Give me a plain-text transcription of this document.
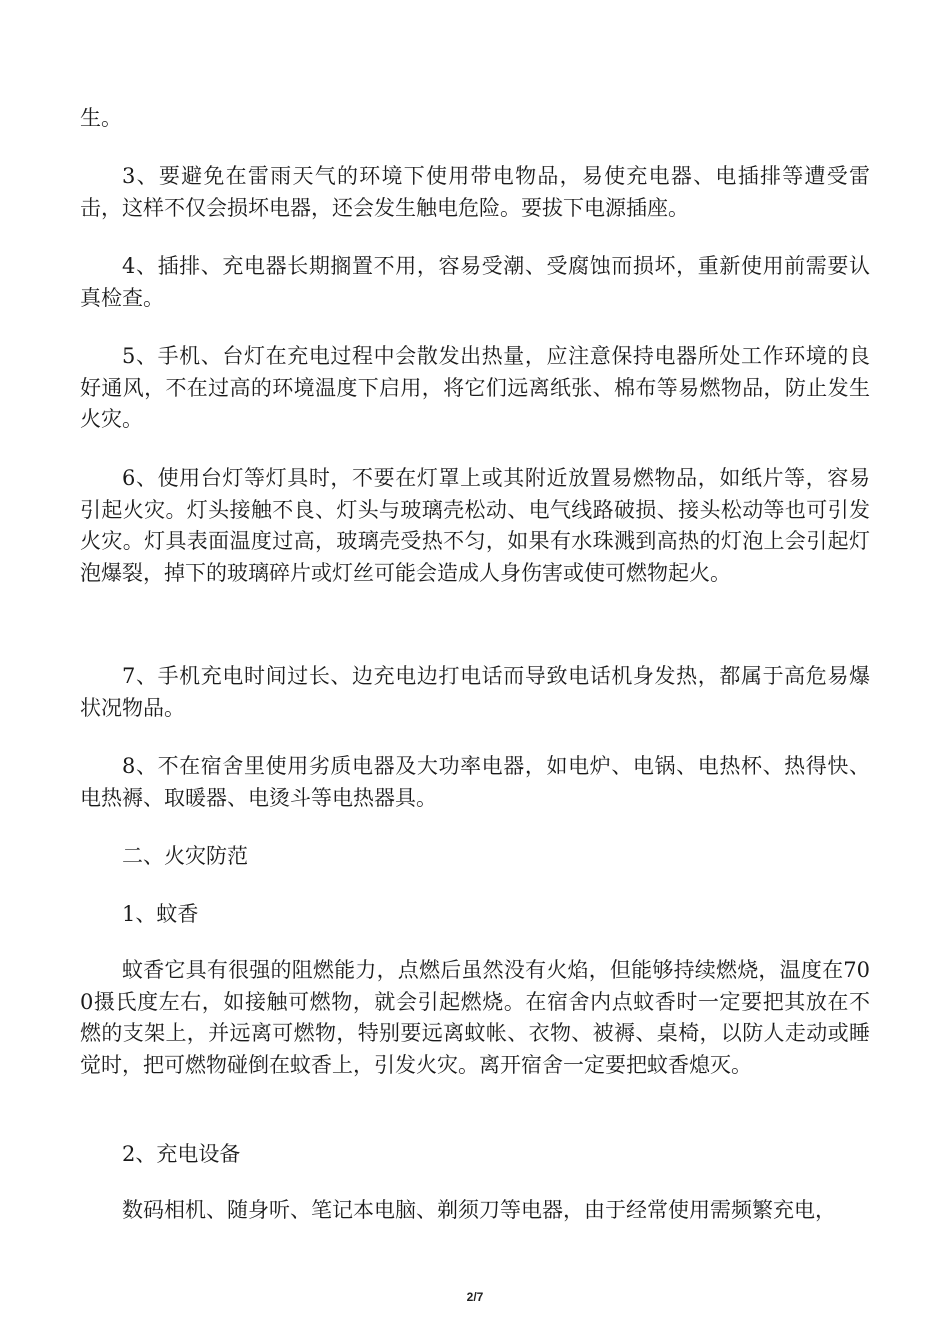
生。

3、要避免在雷雨天气的环境下使用带电物品，易使充电器、电插排等遭受雷击，这样不仅会损坏电器，还会发生触电危险。要拔下电源插座。

4、插排、充电器长期搁置不用，容易受潮、受腐蚀而损坏，重新使用前需要认真检查。

5、手机、台灯在充电过程中会散发出热量，应注意保持电器所处工作环境的良好通风，不在过高的环境温度下启用，将它们远离纸张、棉布等易燃物品，防止发生火灾。

6、使用台灯等灯具时，不要在灯罩上或其附近放置易燃物品，如纸片等，容易引起火灾。灯头接触不良、灯头与玻璃壳松动、电气线路破损、接头松动等也可引发火灾。灯具表面温度过高，玻璃壳受热不匀，如果有水珠溅到高热的灯泡上会引起灯泡爆裂，掉下的玻璃碎片或灯丝可能会造成人身伤害或使可燃物起火。

7、手机充电时间过长、边充电边打电话而导致电话机身发热，都属于高危易爆状况物品。

8、不在宿舍里使用劣质电器及大功率电器，如电炉、电锅、电热杯、热得快、电热褥、取暖器、电烫斗等电热器具。

二、火灾防范

1、蚊香

蚊香它具有很强的阻燃能力，点燃后虽然没有火焰，但能够持续燃烧，温度在700摄氏度左右，如接触可燃物，就会引起燃烧。在宿舍内点蚊香时一定要把其放在不燃的支架上，并远离可燃物，特别要远离蚊帐、衣物、被褥、桌椅，以防人走动或睡觉时，把可燃物碰倒在蚊香上，引发火灾。离开宿舍一定要把蚊香熄灭。

2、充电设备

数码相机、随身听、笔记本电脑、剃须刀等电器，由于经常使用需频繁充电，

2/7
